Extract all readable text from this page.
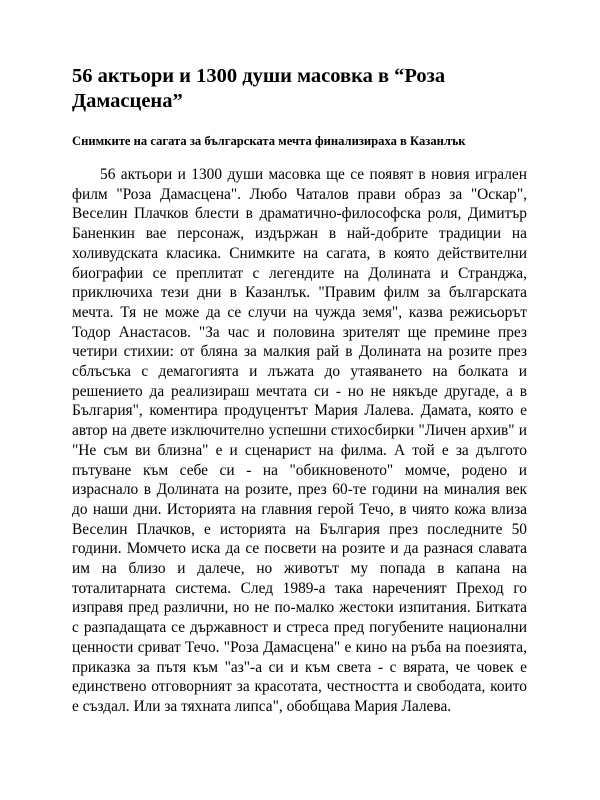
56 актьори и 1300 души масовка в “Роза Дамасцена”
Снимките на сагата за българската мечта финализираха в Казанлък

56 актьори и 1300 души масовка ще се появят в новия игрален филм "Роза Дамасцена". Любо Чаталов прави образ за "Оскар", Веселин Плачков блести в драматично-философска роля, Димитър Баненкин вае персонаж, издържан в най-добрите традиции на холивудската класика. Снимките на сагата, в която действителни биографии се преплитат с легендите на Долината и Странджа, приключиха тези дни в Казанлък. "Правим филм за българската мечта. Тя не може да се случи на чужда земя", казва режисьорът Тодор Анастасов. "За час и половина зрителят ще премине през четири стихии: от бляна за малкия рай в Долината на розите през сблъсъка с демагогията и лъжата до утаяването на болката и решението да реализираш мечтата си - но не някъде другаде, а в България", коментира продуцентът Мария Лалева. Дамата, която е автор на двете изключително успешни стихосбирки "Личен архив" и "Не съм ви близна" е и сценарист на филма. А той е за дългото пътуване към себе си - на "обикновеното" момче, родено и израснало в Долината на розите, през 60-те години на миналия век до наши дни. Историята на главния герой Течо, в чиято кожа влиза Веселин Плачков, е историята на България през последните 50 години. Момчето иска да се посвети на розите и да разнася славата им на близо и далече, но животът му попада в капана на тоталитарната система. След 1989-а така нареченият Преход го изправя пред различни, но не по-малко жестоки изпитания. Битката с разпадащата се държавност и стреса пред погубените национални ценности сриват Течо. "Роза Дамасцена" е кино на ръба на поезията, приказка за пътя към "аз"-а си и към света - с вярата, че човек е единствено отговорният за красотата, честността и свободата, които е създал. Или за тяхната липса", обобщава Мария Лалева.
